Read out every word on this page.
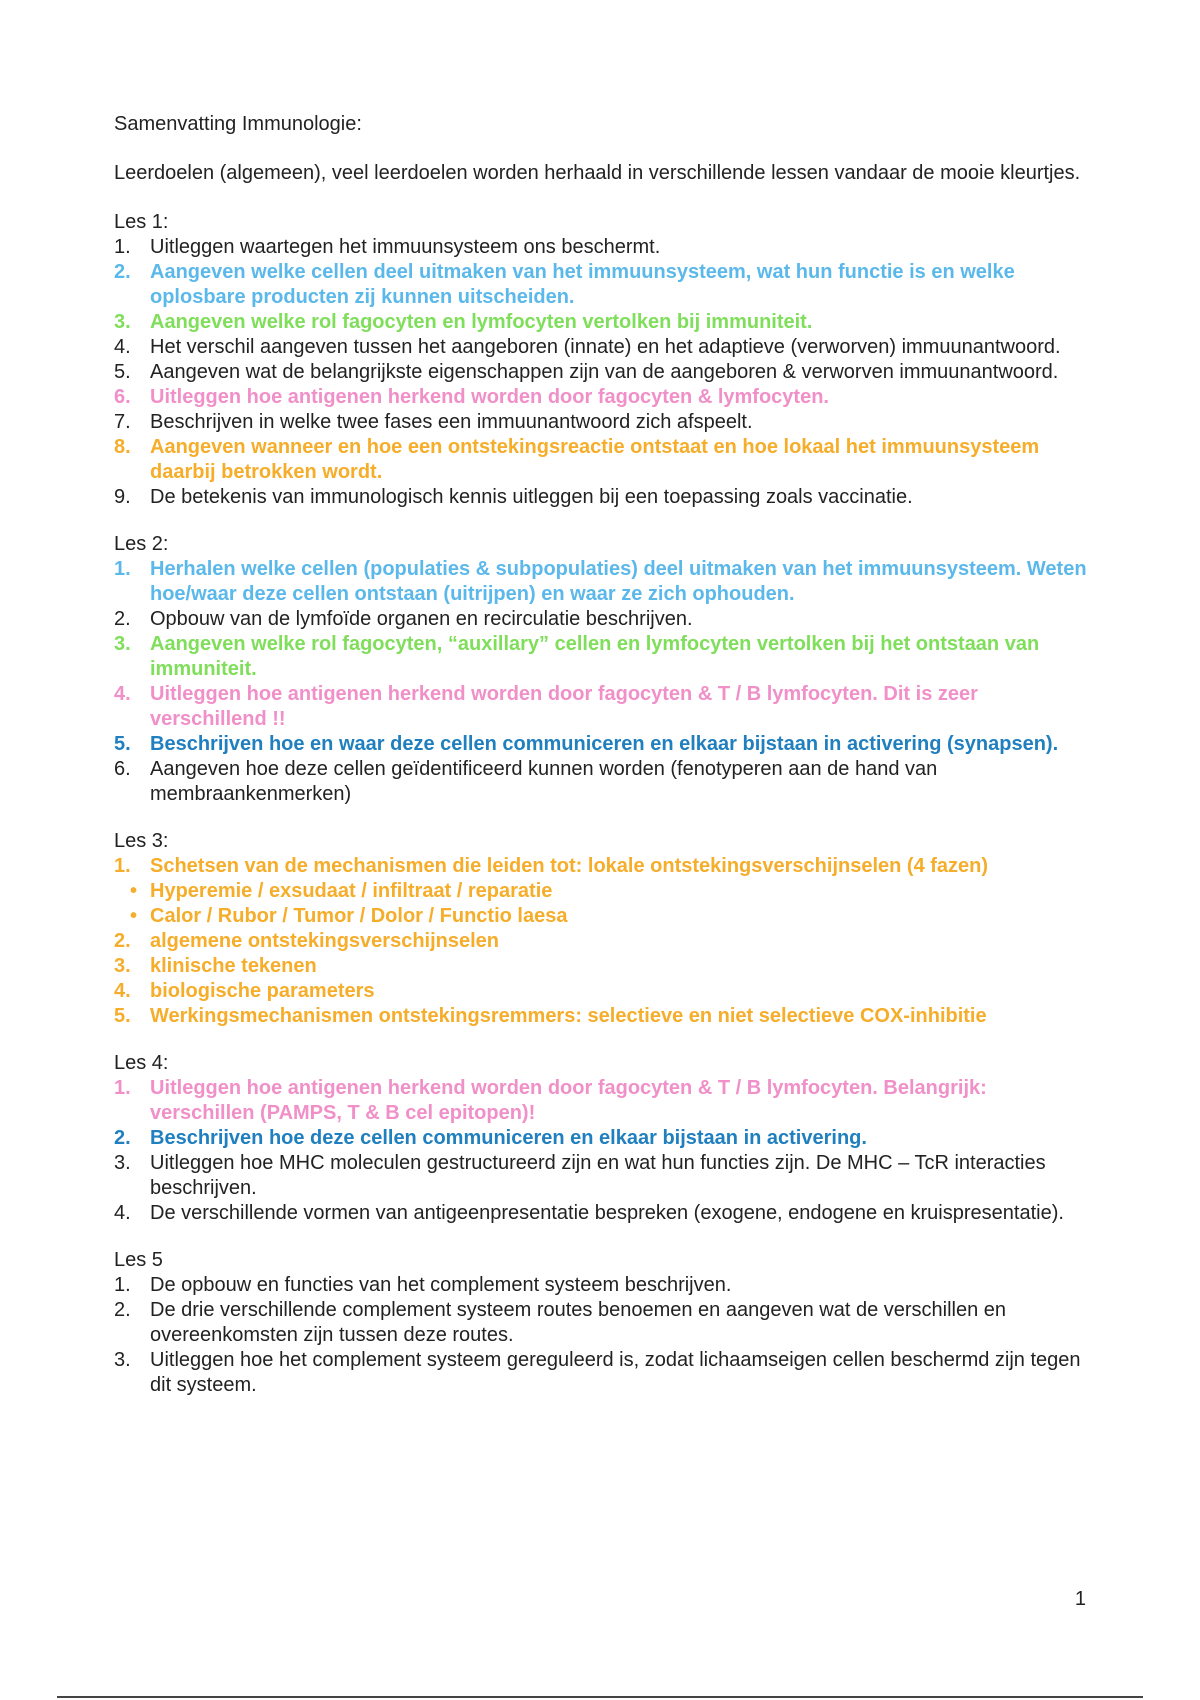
Samenvatting Immunologie:

Leerdoelen (algemeen), veel leerdoelen worden herhaald in verschillende lessen vandaar de mooie kleurtjes.

Les 1:

1. Uitleggen waartegen het immuunsysteem ons beschermt.
2. Aangeven welke cellen deel uitmaken van het immuunsysteem, wat hun functie is en welke oplosbare producten zij kunnen uitscheiden.
3. Aangeven welke rol fagocyten en lymfocyten vertolken bij immuniteit.
4. Het verschil aangeven tussen het aangeboren (innate) en het adaptieve (verworven) immuunantwoord.
5. Aangeven wat de belangrijkste eigenschappen zijn van de aangeboren & verworven immuunantwoord.
6. Uitleggen hoe antigenen herkend worden door fagocyten & lymfocyten.
7. Beschrijven in welke twee fases een immuunantwoord zich afspeelt.
8. Aangeven wanneer en hoe een ontstekingsreactie ontstaat en hoe lokaal het immuunsysteem daarbij betrokken wordt.
9. De betekenis van immunologisch kennis uitleggen bij een toepassing zoals vaccinatie.

Les 2:

1. Herhalen welke cellen (populaties & subpopulaties) deel uitmaken van het immuunsysteem. Weten hoe/waar deze cellen ontstaan (uitrijpen) en waar ze zich ophouden.
2. Opbouw van de lymfoïde organen en recirculatie beschrijven.
3. Aangeven welke rol fagocyten, “auxillary” cellen en lymfocyten vertolken bij het ontstaan van immuniteit.
4. Uitleggen hoe antigenen herkend worden door fagocyten & T / B lymfocyten. Dit is zeer verschillend !!
5. Beschrijven hoe en waar deze cellen communiceren en elkaar bijstaan in activering (synapsen).
6. Aangeven hoe deze cellen geïdentificeerd kunnen worden (fenotyperen aan de hand van membraankenmerken)

Les 3:

1. Schetsen van de mechanismen die leiden tot: lokale ontstekingsverschijnselen (4 fazen)
• Hyperemie / exsudaat / infiltraat / reparatie
• Calor / Rubor / Tumor / Dolor / Functio laesa
2. algemene ontstekingsverschijnselen
3. klinische tekenen
4. biologische parameters
5. Werkingsmechanismen ontstekingsremmers: selectieve en niet selectieve COX-inhibitie

Les 4:

1. Uitleggen hoe antigenen herkend worden door fagocyten & T / B lymfocyten. Belangrijk: verschillen (PAMPS, T & B cel epitopen)!
2. Beschrijven hoe deze cellen communiceren en elkaar bijstaan in activering.
3. Uitleggen hoe MHC moleculen gestructureerd zijn en wat hun functies zijn. De MHC – TcR interacties beschrijven.
4. De verschillende vormen van antigeenpresentatie bespreken (exogene, endogene en kruispresentatie).

Les 5

1. De opbouw en functies van het complement systeem beschrijven.
2. De drie verschillende complement systeem routes benoemen en aangeven wat de verschillen en overeenkomsten zijn tussen deze routes.
3. Uitleggen hoe het complement systeem gereguleerd is, zodat lichaamseigen cellen beschermd zijn tegen dit systeem.
1
